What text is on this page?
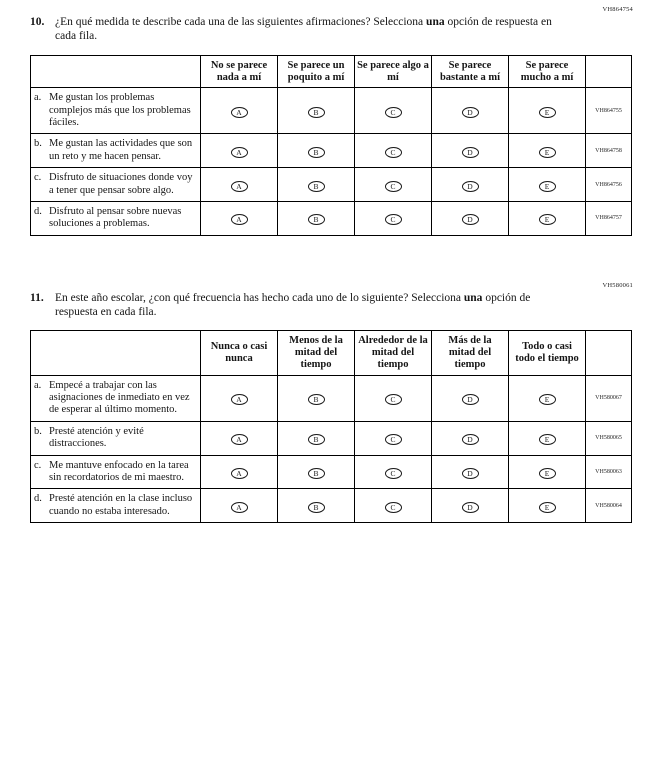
VH864754
10. ¿En qué medida te describe cada una de las siguientes afirmaciones? Selecciona una opción de respuesta en cada fila.
	No se parece nada a mí	Se parece un poquito a mí	Se parece algo a mí	Se parece bastante a mí	Se parece mucho a mí	

a. Me gustan los problemas complejos más que los problemas fáciles.	A	B	C	D	E	VH864755

b. Me gustan las actividades que son un reto y me hacen pensar.	A	B	C	D	E	VH864758

c. Disfruto de situaciones donde voy a tener que pensar sobre algo.	A	B	C	D	E	VH864756

d. Disfruto al pensar sobre nuevas soluciones a problemas.	A	B	C	D	E	VH864757
VH580061
11. En este año escolar, ¿con qué frecuencia has hecho cada uno de lo siguiente? Selecciona una opción de respuesta en cada fila.
	Nunca o casi nunca	Menos de la mitad del tiempo	Alrededor de la mitad del tiempo	Más de la mitad del tiempo	Todo o casi todo el tiempo	

a. Empecé a trabajar con las asignaciones de inmediato en vez de esperar al último momento.	A	B	C	D	E	VH580067

b. Presté atención y evité distracciones.	A	B	C	D	E	VH580065

c. Me mantuve enfocado en la tarea sin recordatorios de mi maestro.	A	B	C	D	E	VH580063

d. Presté atención en la clase incluso cuando no estaba interesado.	A	B	C	D	E	VH580064
